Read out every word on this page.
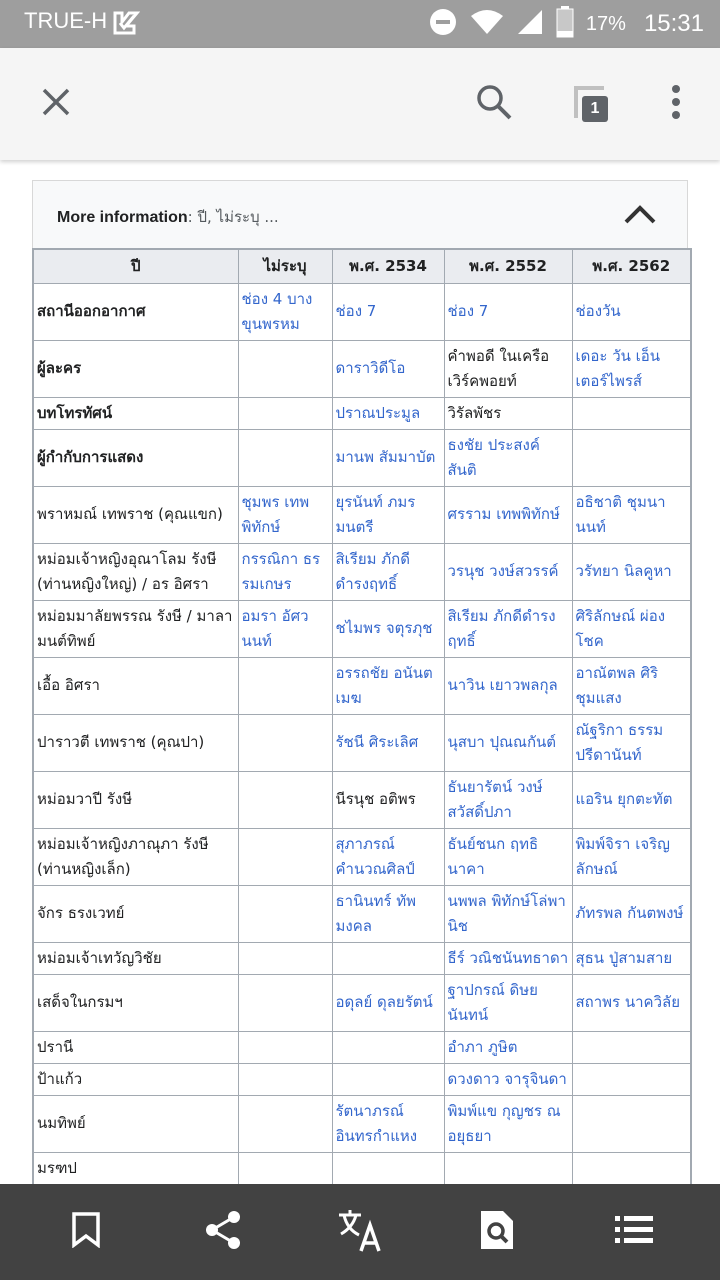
TRUE-H	17% 15:31
1
More information: ปี, ไม่ระบุ ...
ปี	ไม่ระบุ	พ.ศ. 2534	พ.ศ. 2552	พ.ศ. 2562
สถานีออกอากาศ	ช่อง 4 บางขุนพรหม	ช่อง 7	ช่อง 7	ช่องวัน
ผู้ละคร		ดาราวิดีโอ	คำพอดี ในเครือเวิร์คพอยท์	เดอะ วัน เอ็นเตอร์ไพรส์
บทโทรทัศน์		ปราณประมูล	วิรัลพัชร	
ผู้กำกับการแสดง		มานพ สัมมาบัต	ธงชัย ประสงค์สันติ	
พราหมณ์ เทพราช (คุณแขก)	ชุมพร เทพพิทักษ์	ยุรนันท์ ภมรมนตรี	ศรราม เทพพิทักษ์	อธิชาติ ชุมนานนท์
หม่อมเจ้าหญิงอุณาโลม รังษี (ท่านหญิงใหญ่) / อร อิศรา	กรรณิกา ธรรมเกษร	สิเรียม ภักดีดำรงฤทธิ์	วรนุช วงษ์สวรรค์	วรัทยา นิลคูหา
หม่อมมาลัยพรรณ รังษี / มาลา มนต์ทิพย์	อมรา อัศวนนท์	ชไมพร จตุรภุช	สิเรียม ภักดีดำรงฤทธิ์	ศิริลักษณ์ ผ่องโชค
เอื้อ อิศรา		อรรถชัย อนันตเมฆ	นาวิน เยาวพลกุล	อาณัตพล ศิริชุมแสง
ปาราวตี เทพราช (คุณปา)		รัชนี ศิระเลิศ	นุสบา ปุณณกันต์	ณัฐริกา ธรรมปรีดานันท์
หม่อมวาปี รังษี		นีรนุช อติพร	ธันยารัตน์ วงษ์สวัสดิ์ปภา	แอริน ยุกตะทัต
หม่อมเจ้าหญิงภาณุภา รังษี (ท่านหญิงเล็ก)		สุภาภรณ์ คำนวณศิลป์	ธันย์ชนก ฤทธินาคา	พิมพ์จิรา เจริญลักษณ์
จักร ธรงเวทย์		ธานินทร์ ทัพมงคล	นพพล พิทักษ์โล่พานิช	ภัทรพล กันตพงษ์
หม่อมเจ้าเทวัญวิชัย			ธีร์ วณิชนันทธาดา	สุธน ปู่สามสาย
เสด็จในกรมฯ		อดุลย์ ดุลยรัตน์	ฐาปกรณ์ ดิษยนันทน์	สถาพร นาควิลัย
ปรานี			อำภา ภูษิต	
ป้าแก้ว			ดวงดาว จารุจินดา	
นมทิพย์		รัตนาภรณ์ อินทรกำแหง	พิมพ์แข กุญชร ณ อยุธยา	
มรฑป				
